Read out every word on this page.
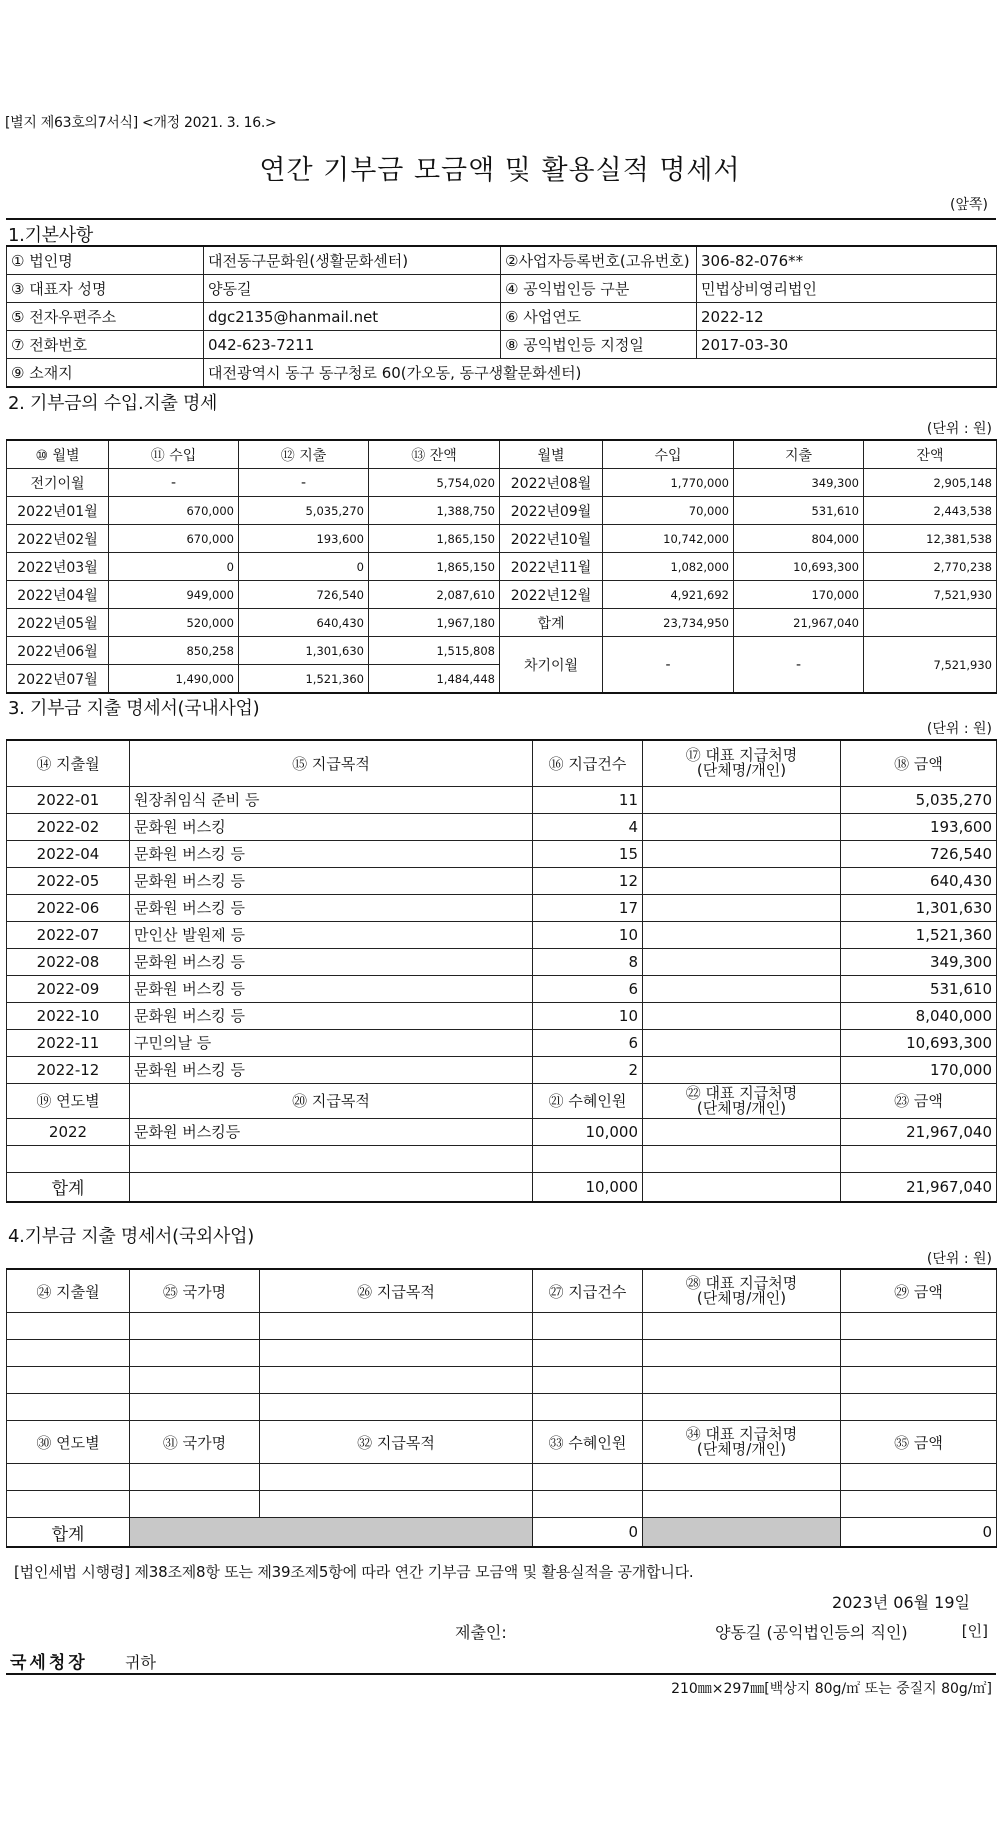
[별지 제63호의7서식] <개정 2021. 3. 16.>
연간 기부금 모금액 및 활용실적 명세서
(앞쪽)
1.기본사항
① 법인명	대전동구문화원(생활문화센터)	②사업자등록번호(고유번호)	306-82-076**
③ 대표자 성명	양동길	④ 공익법인등 구분	민법상비영리법인
⑤ 전자우편주소	dgc2135@hanmail.net	⑥ 사업연도	2022-12
⑦ 전화번호	042-623-7211	⑧ 공익법인등 지정일	2017-03-30
⑨ 소재지	대전광역시 동구 동구청로 60(가오동, 동구생활문화센터)		
2. 기부금의 수입.지출 명세
(단위 : 원)
⑩ 월별	⑪ 수입	⑫ 지출	⑬ 잔액	월별	수입	지출	잔액
전기이월	-	-	5,754,020	2022년08월	1,770,000	349,300	2,905,148
2022년01월	670,000	5,035,270	1,388,750	2022년09월	70,000	531,610	2,443,538
2022년02월	670,000	193,600	1,865,150	2022년10월	10,742,000	804,000	12,381,538
2022년03월	0	0	1,865,150	2022년11월	1,082,000	10,693,300	2,770,238
2022년04월	949,000	726,540	2,087,610	2022년12월	4,921,692	170,000	7,521,930
2022년05월	520,000	640,430	1,967,180	합계	23,734,950	21,967,040	
2022년06월	850,258	1,301,630	1,515,808	차기이월	-	-	7,521,930
2022년07월	1,490,000	1,521,360	1,484,448				
3. 기부금 지출 명세서(국내사업)
(단위 : 원)
⑭ 지출월	⑮ 지급목적	⑯ 지급건수	⑰ 대표 지급처명
(단체명/개인)	⑱ 금액
2022-01	원장취임식 준비 등	11		5,035,270
2022-02	문화원 버스킹	4		193,600
2022-04	문화원 버스킹 등	15		726,540
2022-05	문화원 버스킹 등	12		640,430
2022-06	문화원 버스킹 등	17		1,301,630
2022-07	만인산 발원제 등	10		1,521,360
2022-08	문화원 버스킹 등	8		349,300
2022-09	문화원 버스킹 등	6		531,610
2022-10	문화원 버스킹 등	10		8,040,000
2022-11	구민의날 등	6		10,693,300
2022-12	문화원 버스킹 등	2		170,000
⑲ 연도별	⑳ 지급목적	㉑ 수혜인원	㉒ 대표 지급처명
(단체명/개인)	㉓ 금액
2022	문화원 버스킹등	10,000		21,967,040

합계		10,000		21,967,040
4.기부금 지출 명세서(국외사업)
(단위 : 원)
㉔ 지출월	㉕ 국가명	㉖ 지급목적	㉗ 지급건수	㉘ 대표 지급처명
(단체명/개인)	㉙ 금액

㉚ 연도별	㉛ 국가명	㉜ 지급목적	㉝ 수혜인원	㉞ 대표 지급처명
(단체명/개인)	㉟ 금액

합계			0		0
[법인세법 시행령] 제38조제8항 또는 제39조제5항에 따라 연간 기부금 모금액 및 활용실적을 공개합니다.
2023년 06월 19일
제출인:	양동길 (공익법인등의 직인)	[인]
국세청장 귀하
210㎜×297㎜[백상지 80g/㎡ 또는 중질지 80g/㎡]
